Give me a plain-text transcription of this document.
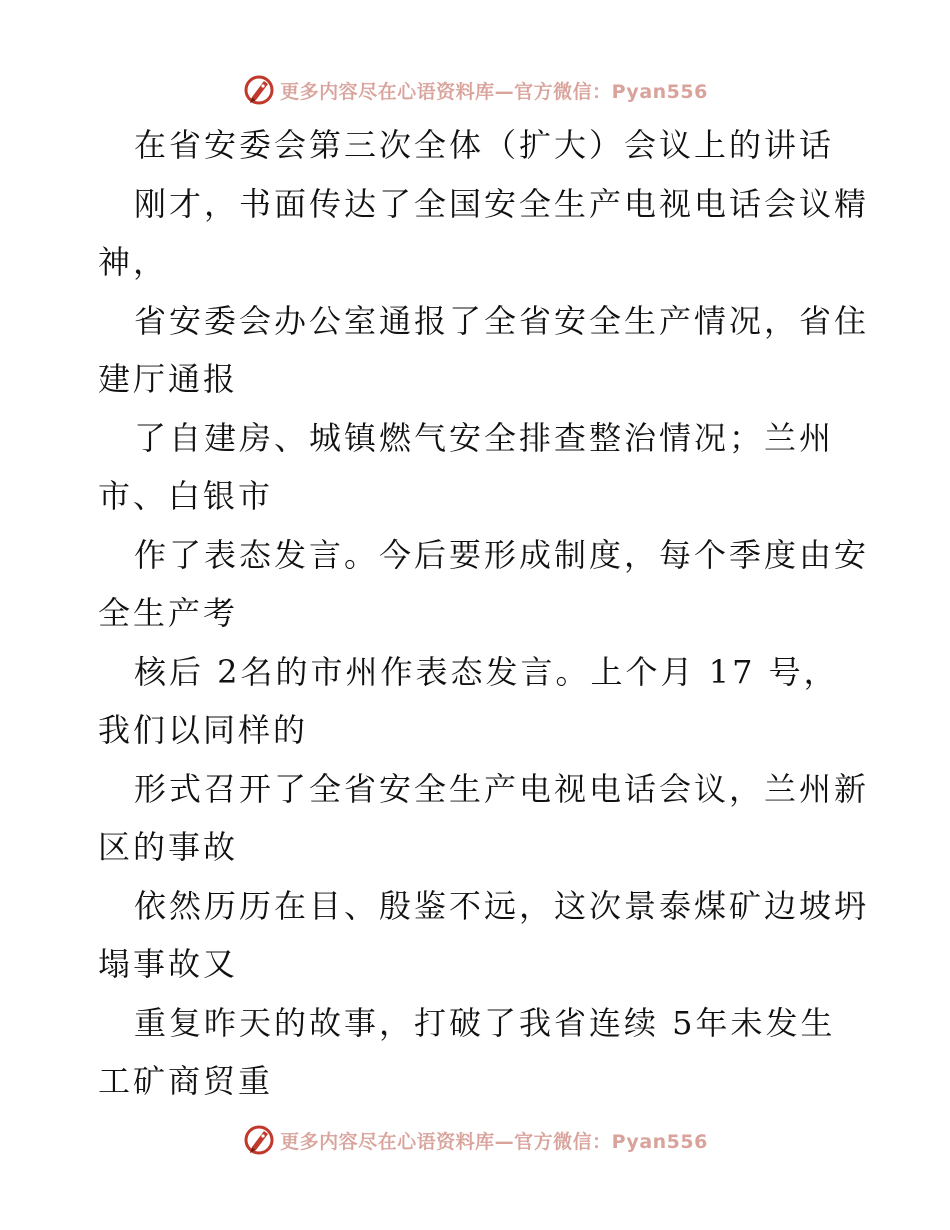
更多内容尽在心语资料库—官方微信：Pyan556
在省安委会第三次全体（扩大）会议上的讲话
刚才，书面传达了全国安全生产电视电话会议精
神，
省安委会办公室通报了全省安全生产情况，省住
建厅通报
了自建房、城镇燃气安全排查整治情况；兰州
市、白银市
作了表态发言。今后要形成制度，每个季度由安
全生产考
核后 2名的市州作表态发言。上个月 17 号，
我们以同样的
形式召开了全省安全生产电视电话会议，兰州新
区的事故
依然历历在目、殷鉴不远，这次景泰煤矿边坡坍
塌事故又
重复昨天的故事，打破了我省连续 5年未发生
工矿商贸重
更多内容尽在心语资料库—官方微信：Pyan556
